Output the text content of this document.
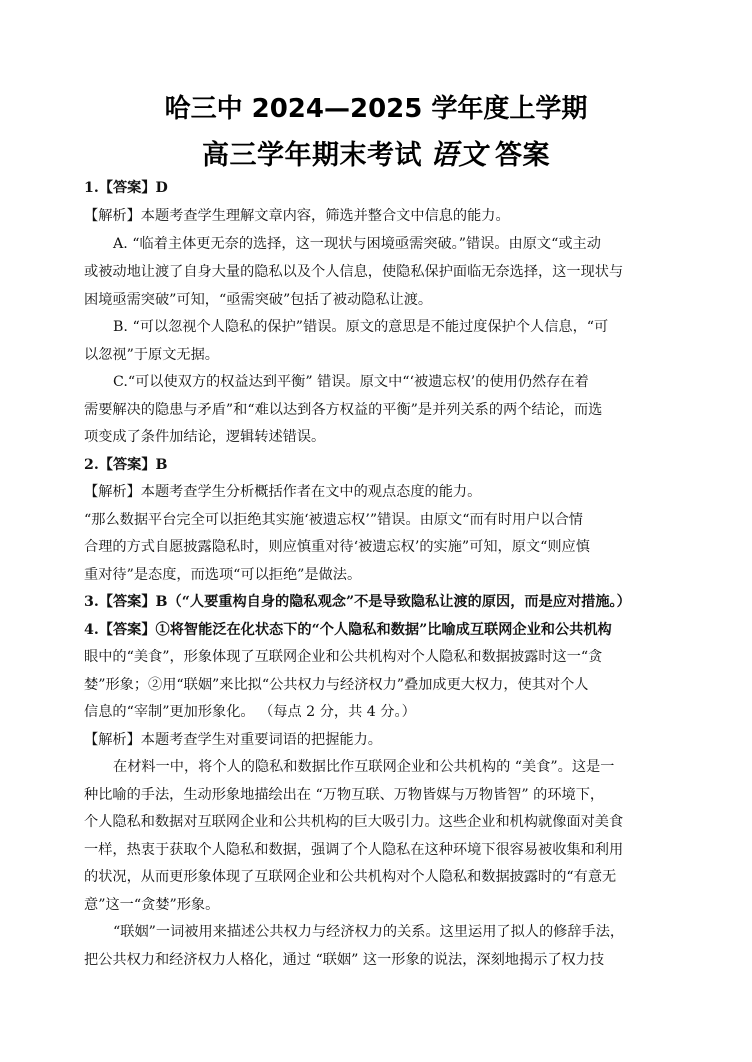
哈三中 2024—2025 学年度上学期
高三学年期末考试 语文 答案
1.【答案】D
【解析】本题考查学生理解文章内容，筛选并整合文中信息的能力。
A. “临着主体更无奈的选择，这一现状与困境亟需突破。”错误。由原文“或主动
或被动地让渡了自身大量的隐私以及个人信息，使隐私保护面临无奈选择，这一现状与
困境亟需突破”可知，“亟需突破”包括了被动隐私让渡。
B. “可以忽视个人隐私的保护”错误。原文的意思是不能过度保护个人信息，“可
以忽视”于原文无据。
C.“可以使双方的权益达到平衡” 错误。原文中“‘被遗忘权’的使用仍然存在着
需要解决的隐患与矛盾”和“难以达到各方权益的平衡”是并列关系的两个结论，而选
项变成了条件加结论，逻辑转述错误。
2.【答案】B
【解析】本题考查学生分析概括作者在文中的观点态度的能力。
“那么数据平台完全可以拒绝其实施‘被遗忘权’”错误。由原文“而有时用户以合情
合理的方式自愿披露隐私时，则应慎重对待‘被遗忘权’的实施”可知，原文“则应慎
重对待”是态度，而选项“可以拒绝”是做法。
3.【答案】B（“人要重构自身的隐私观念”不是导致隐私让渡的原因，而是应对措施。）
4.【答案】①将智能泛在化状态下的“个人隐私和数据”比喻成互联网企业和公共机构
眼中的“美食”，形象体现了互联网企业和公共机构对个人隐私和数据披露时这一“贪
婪”形象；②用“联姻”来比拟“公共权力与经济权力”叠加成更大权力，使其对个人
信息的“宰制”更加形象化。 （每点 2 分，共 4 分。）
【解析】本题考查学生对重要词语的把握能力。
在材料一中，将个人的隐私和数据比作互联网企业和公共机构的 “美食”。这是一
种比喻的手法，生动形象地描绘出在 “万物互联、万物皆媒与万物皆智” 的环境下，
个人隐私和数据对互联网企业和公共机构的巨大吸引力。这些企业和机构就像面对美食
一样，热衷于获取个人隐私和数据，强调了个人隐私在这种环境下很容易被收集和利用
的状况，从而更形象体现了互联网企业和公共机构对个人隐私和数据披露时的“有意无
意”这一“贪婪”形象。
“联姻”一词被用来描述公共权力与经济权力的关系。这里运用了拟人的修辞手法，
把公共权力和经济权力人格化，通过 “联姻” 这一形象的说法，深刻地揭示了权力技
